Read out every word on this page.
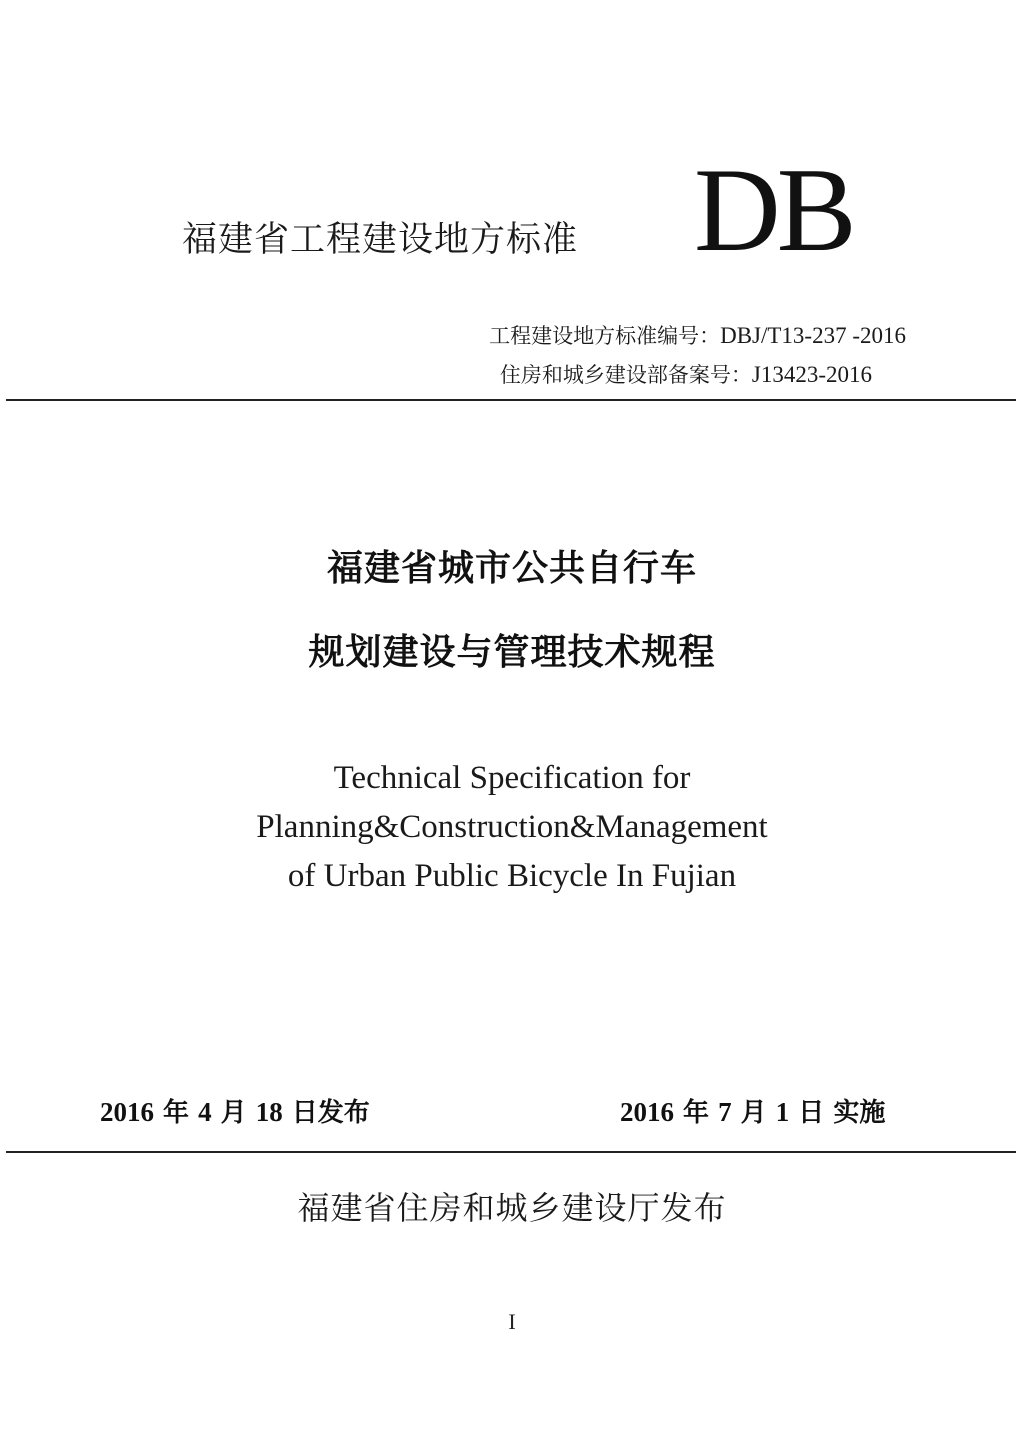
福建省工程建设地方标准 DB
工程建设地方标准编号：DBJ/T13-237 -2016
住房和城乡建设部备案号：J13423-2016
福建省城市公共自行车
规划建设与管理技术规程
Technical Specification for
Planning&Construction&Management
of Urban Public Bicycle In Fujian
2016 年 4 月 18 日发布	2016 年 7 月 1 日 实施
福建省住房和城乡建设厅发布
I
